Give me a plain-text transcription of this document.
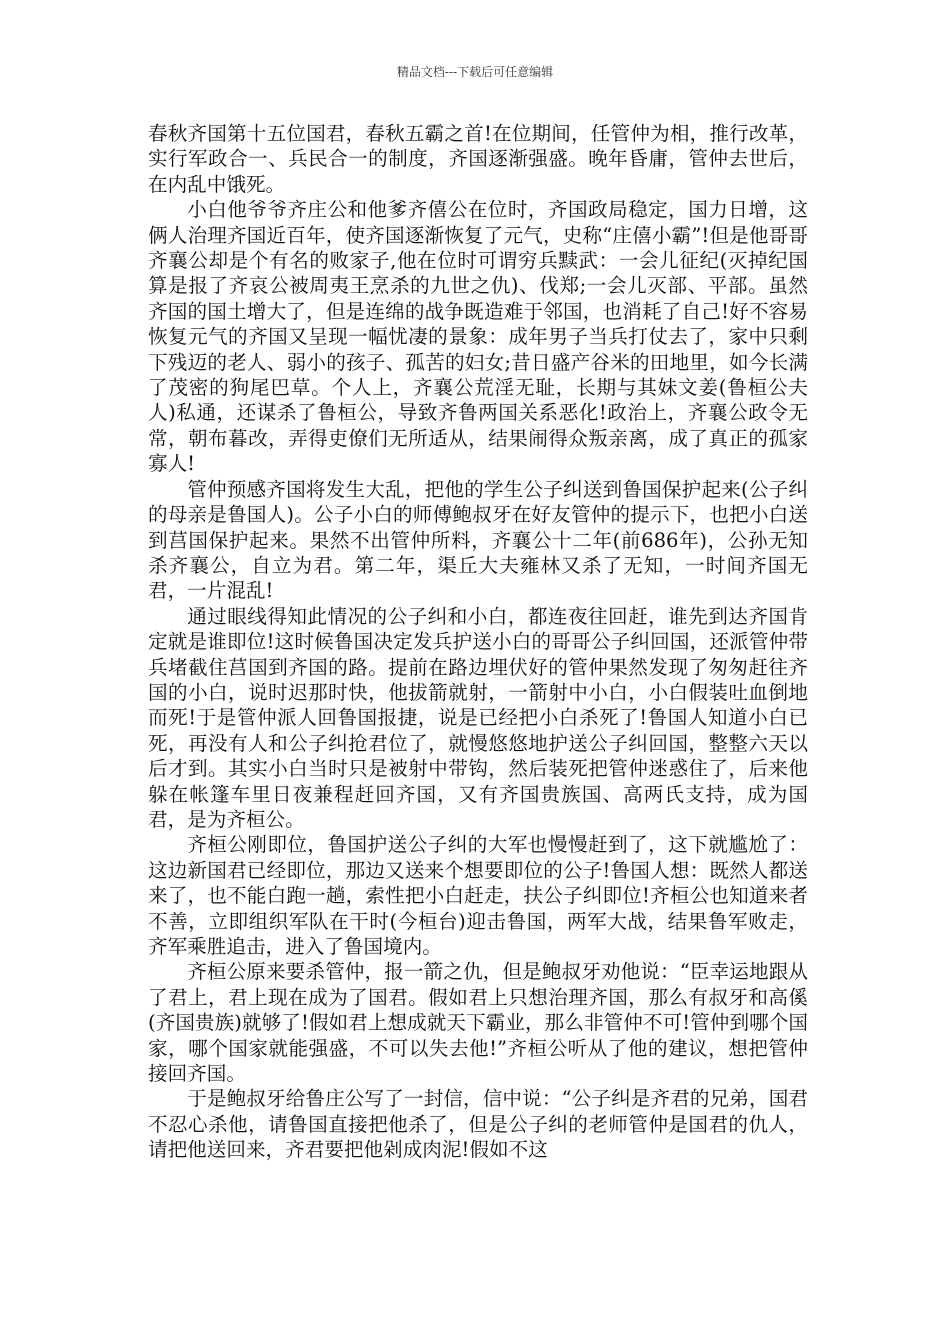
精品文档---下载后可任意编辑

春秋齐国第十五位国君，春秋五霸之首!在位期间，任管仲为相，推行改革，实行军政合一、兵民合一的制度，齐国逐渐强盛。晚年昏庸，管仲去世后，在内乱中饿死。

小白他爷爷齐庄公和他爹齐僖公在位时，齐国政局稳定，国力日增，这俩人治理齐国近百年，使齐国逐渐恢复了元气，史称“庄僖小霸”!但是他哥哥齐襄公却是个有名的败家子,他在位时可谓穷兵黩武：一会儿征纪(灭掉纪国算是报了齐哀公被周夷王烹杀的九世之仇)、伐郑;一会儿灭部、平部。虽然齐国的国土增大了，但是连绵的战争既造难于邻国，也消耗了自己!好不容易恢复元气的齐国又呈现一幅忧凄的景象：成年男子当兵打仗去了，家中只剩下残迈的老人、弱小的孩子、孤苦的妇女;昔日盛产谷米的田地里，如今长满了茂密的狗尾巴草。个人上，齐襄公荒淫无耻，长期与其妹文姜(鲁桓公夫人)私通，还谋杀了鲁桓公，导致齐鲁两国关系恶化!政治上，齐襄公政令无常，朝布暮改，弄得吏僚们无所适从，结果闹得众叛亲离，成了真正的孤家寡人!

管仲预感齐国将发生大乱，把他的学生公子纠送到鲁国保护起来(公子纠的母亲是鲁国人)。公子小白的师傅鲍叔牙在好友管仲的提示下，也把小白送到莒国保护起来。果然不出管仲所料，齐襄公十二年(前686年)，公孙无知杀齐襄公，自立为君。第二年，渠丘大夫雍林又杀了无知，一时间齐国无君，一片混乱!

通过眼线得知此情况的公子纠和小白，都连夜往回赶，谁先到达齐国肯定就是谁即位!这时候鲁国决定发兵护送小白的哥哥公子纠回国，还派管仲带兵堵截住莒国到齐国的路。提前在路边埋伏好的管仲果然发现了匆匆赶往齐国的小白，说时迟那时快，他拔箭就射，一箭射中小白，小白假装吐血倒地而死!于是管仲派人回鲁国报捷，说是已经把小白杀死了!鲁国人知道小白已死，再没有人和公子纠抢君位了，就慢悠悠地护送公子纠回国，整整六天以后才到。其实小白当时只是被射中带钩，然后装死把管仲迷惑住了，后来他躲在帐篷车里日夜兼程赶回齐国，又有齐国贵族国、高两氏支持，成为国君，是为齐桓公。

齐桓公刚即位，鲁国护送公子纠的大军也慢慢赶到了，这下就尴尬了：这边新国君已经即位，那边又送来个想要即位的公子!鲁国人想：既然人都送来了，也不能白跑一趟，索性把小白赶走，扶公子纠即位!齐桓公也知道来者不善，立即组织军队在干时(今桓台)迎击鲁国，两军大战，结果鲁军败走，齐军乘胜追击，进入了鲁国境内。

齐桓公原来要杀管仲，报一箭之仇，但是鲍叔牙劝他说：“臣幸运地跟从了君上，君上现在成为了国君。假如君上只想治理齐国，那么有叔牙和高傒(齐国贵族)就够了!假如君上想成就天下霸业，那么非管仲不可!管仲到哪个国家，哪个国家就能强盛，不可以失去他!”齐桓公听从了他的建议，想把管仲接回齐国。

于是鲍叔牙给鲁庄公写了一封信，信中说：“公子纠是齐君的兄弟，国君不忍心杀他，请鲁国直接把他杀了，但是公子纠的老师管仲是国君的仇人，请把他送回来，齐君要把他剁成肉泥!假如不这
